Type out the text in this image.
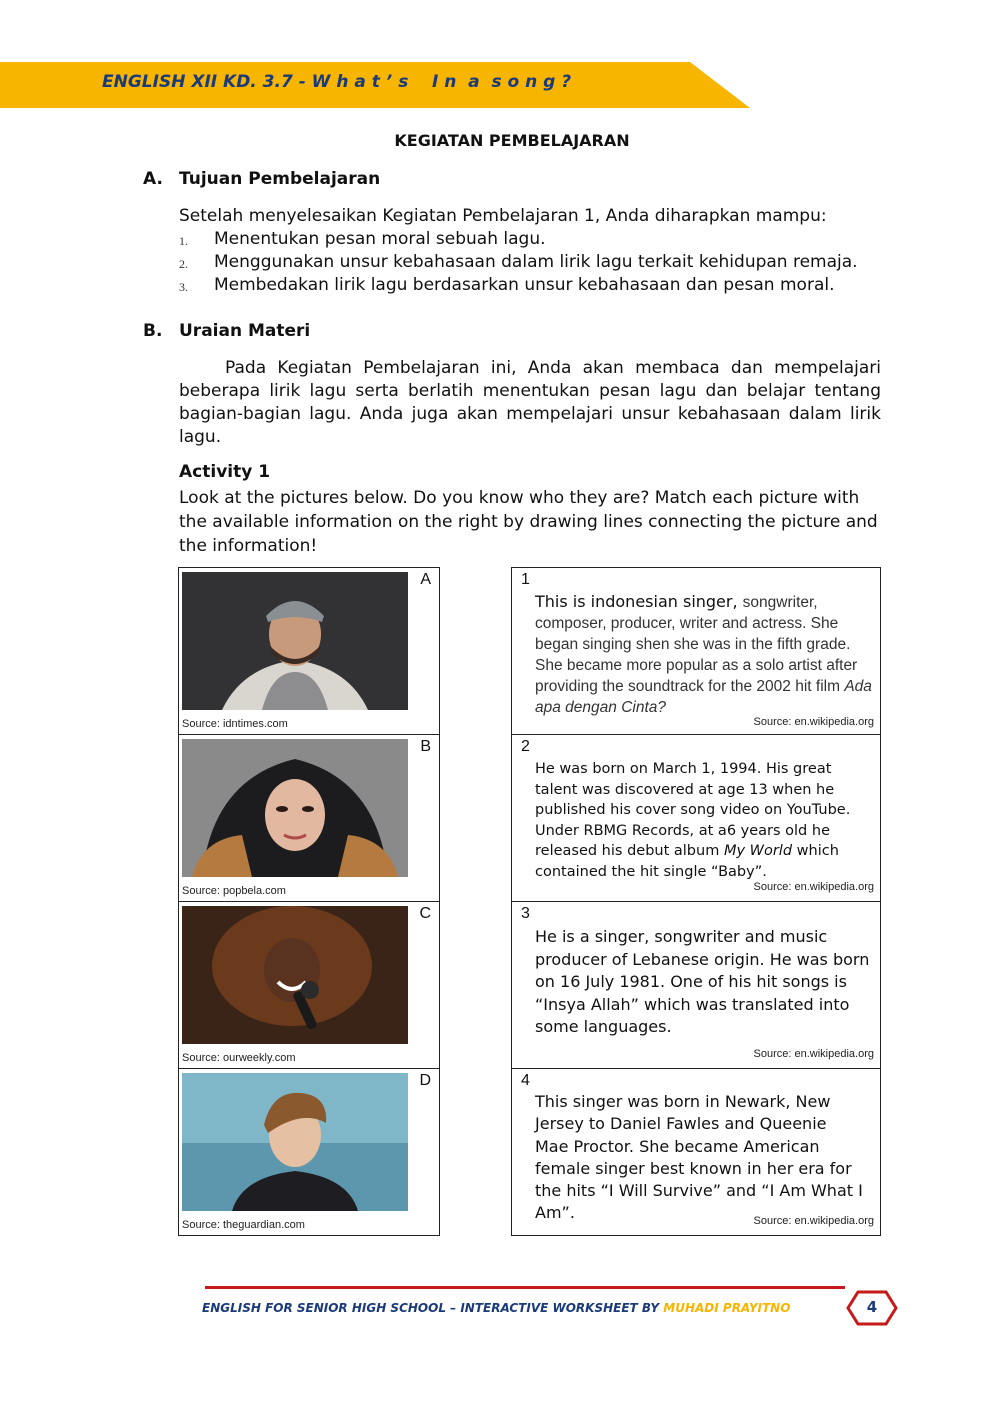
ENGLISH XII KD. 3.7 - W h a t ’ s    I n  a  s o n g ?
KEGIATAN PEMBELAJARAN
A. Tujuan Pembelajaran
Setelah menyelesaikan Kegiatan Pembelajaran 1, Anda diharapkan mampu:
1. Menentukan pesan moral sebuah lagu.
2. Menggunakan unsur kebahasaan dalam lirik lagu terkait kehidupan remaja.
3. Membedakan lirik lagu berdasarkan unsur kebahasaan dan pesan moral.
B. Uraian Materi
Pada Kegiatan Pembelajaran ini, Anda akan membaca dan mempelajari beberapa lirik lagu serta berlatih menentukan pesan lagu dan belajar tentang bagian-bagian lagu. Anda juga akan mempelajari unsur kebahasaan dalam lirik lagu.
Activity 1
Look at the pictures below. Do you know who they are? Match each picture with the available information on the right by drawing lines connecting the picture and the information!
A
Source: idntimes.com
B
Source: popbela.com
C
Source: ourweekly.com
D
Source: theguardian.com
1
This is indonesian singer, songwriter, composer, producer, writer and actress. She began singing shen she was in the fifth grade. She became more popular as a solo artist after providing the soundtrack for the 2002 hit film Ada apa dengan Cinta?
Source: en.wikipedia.org
2
He was born on March 1, 1994. His great talent was discovered at age 13 when he published his cover song video on YouTube. Under RBMG Records, at a6 years old he released his debut album My World which contained the hit single “Baby”.
Source: en.wikipedia.org
3
He is a singer, songwriter and music producer of Lebanese origin. He was born on 16 July 1981. One of his hit songs is “Insya Allah” which was translated into some languages.
Source: en.wikipedia.org
4
This singer was born in Newark, New Jersey to Daniel Fawles and Queenie Mae Proctor. She became American female singer best known in her era for the hits “I Will Survive” and “I Am What I Am”.	Source: en.wikipedia.org
ENGLISH FOR SENIOR HIGH SCHOOL – INTERACTIVE WORKSHEET BY MUHADI PRAYITNO	4
